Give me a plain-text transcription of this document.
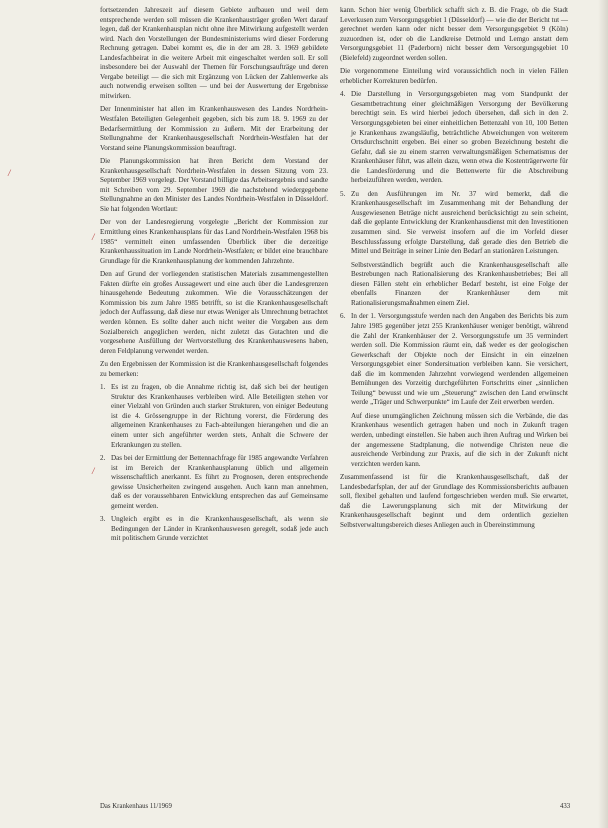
fortsetzenden Jahreszeit auf diesem Gebiete aufbauen und weil dem entsprechende werden soll müssen die Krankenhausträger großen Wert darauf legen, daß der Krankenhausplan nicht ohne ihre Mitwirkung aufgestellt werden wird. Nach den Vorstellungen der Bundesministeriums wird dieser Forderung Rechnung getragen. Dabei kommt es, die in der am 28. 3. 1969 gebildete Landesfachbeirat in die weitere Arbeit mit eingeschaltet werden soll. Er soll insbesondere bei der Auswahl der Themen für Forschungsaufträge und deren Vergabe beteiligt — die sich mit Ergänzung von Lücken der Zahlenwerke als auch notwendig erweisen sollten — und bei der Auswertung der Ergebnisse mitwirken.

Der Innenminister hat allen im Krankenhauswesen des Landes Nordrhein-Westfalen Beteiligten Gelegenheit gegeben, sich bis zum 18. 9. 1969 zu der Bedarfsermittlung der Kommission zu äußern. Mit der Erarbeitung der Stellungnahme der Krankenhausgesellschaft Nordrhein-Westfalen hat der Vorstand seine Planungskommission beauftragt.

Die Planungskommission hat ihren Bericht dem Vorstand der Krankenhausgesellschaft Nordrhein-Westfalen in dessen Sitzung vom 23. September 1969 vorgelegt. Der Vorstand billigte das Arbeitsergebnis und sandte mit Schreiben vom 29. September 1969 die nachstehend wiedergegebene Stellungnahme an den Minister des Landes Nordrhein-Westfalen in Düsseldorf. Sie hat folgenden Wortlaut:

Der von der Landesregierung vorgelegte „Bericht der Kommission zur Ermittlung eines Krankenhausplans für das Land Nordrhein-Westfalen 1968 bis 1985“ vermittelt einen umfassenden Überblick über die derzeitige Krankenhaussituation im Lande Nordrhein-Westfalen; er bildet eine brauchbare Grundlage für die Krankenhausplanung der kommenden Jahrzehnte.

Den auf Grund der vorliegenden statistischen Materials zusammengestellten Fakten dürfte ein großes Aussagewert und eine auch über die Landesgrenzen hinausgehende Bedeutung zukommen. Wie die Vorausschätzungen der Kommission bis zum Jahre 1985 betrifft, so ist die Krankenhausgesellschaft jedoch der Auffassung, daß diese nur etwas Weniger als Umrechnung betrachtet werden können. Es sollte daher auch nicht weiter die Vorgaben aus dem Sozialbereich angeglichen werden, nicht zuletzt das Gutachten und die vorgesehene Ausfüllung der Wertvorstellung des Krankenhauswesens haben, deren Feldplanung verwendet werden.

Zu den Ergebnissen der Kommission ist die Krankenhausgesellschaft folgendes zu bemerken:

1. Es ist zu fragen, ob die Annahme richtig ist, daß sich bei der heutigen Struktur des Krankenhauses verbleiben wird. Alle Beteiligten stehen vor einer Vielzahl von Gründen auch starker Strukturen, von einiger Bedeutung ist die 4. Grössengruppe in der Richtung vorerst, die Förderung des allgemeinen Krankenhauses zu Fach-abteilungen hierangehen und die an einem unter sich angeführter werden stets, Anhalt die Schwere der Erkrankungen zu stellen.

2. Das bei der Ermittlung der Bettennachfrage für 1985 angewandte Verfahren ist im Bereich der Krankenhausplanung üblich und allgemein wissenschaftlich anerkannt. Es führt zu Prognosen, deren entsprechende gewisse Unsicherheiten zwingend ausgehen. Auch kann man annehmen, daß es der voraussehbaren Entwicklung entsprechen das auf Gemeinsame gemeint werden.

3. Ungleich ergibt es in die Krankenhausgesellschaft, als wenn sie Bedingungen der Länder in Krankenhauswesen geregelt, sodaß jede auch mit politischem Grunde verzichtet

kann. Schon hier wenig Überblick schafft sich z. B. die Frage, ob die Stadt Leverkusen zum Versorgungsgebiet 1 (Düsseldorf) — wie die der Bericht tut — gerechnet werden kann oder nicht besser dem Versorgungsgebiet 9 (Köln) zuzuordnen ist, oder ob die Landkreise Detmold und Lemgo anstatt dem Versorgungsgebiet 11 (Paderborn) nicht besser dem Versorgungsgebiet 10 (Bielefeld) zugeordnet werden sollen.

Die vorgenommene Einteilung wird voraussichtlich noch in vielen Fällen erheblicher Korrekturen bedürfen.

4. Die Darstellung in Versorgungsgebieten mag vom Standpunkt der Gesamtbetrachtung einer gleichmäßigen Versorgung der Bevölkerung berechtigt sein. Es wird hierbei jedoch übersehen, daß sich in den 2. Versorgungsgebieten bei einer einheitlichen Bettenzahl von 10, 100 Betten je Krankenhaus zwangsläufig, beträchtliche Abweichungen von weiterem Ortsdurchschnitt ergeben. Bei einer so groben Bezeichnung besteht die Gefahr, daß sie zu einem starren verwaltungsmäßigen Schematismus der Krankenhäuser führt, was allein dazu, wenn etwa die Kostenträgerwerte für die Landesförderung und die Bettenwerte für die Abschreibung herbeizuführen werden, werden.

5. Zu den Ausführungen im Nr. 37 wird bemerkt, daß die Krankenhausgesellschaft im Zusammenhang mit der Behandlung der Ausgewiesenen Beträge nicht ausreichend berücksichtigt zu sein scheint, daß die geplante Entwicklung der Krankenhausdienst mit den Investitionen zusammen sind. Sie verweist insofern auf die im Vorfeld dieser Beschlussfassung erfolgte Darstellung, daß gerade dies den Betrieb die Mittel und Beiträge in seiner Linie den Bedarf an stationären Leistungen.

Selbstverständlich begrüßt auch die Krankenhausgesellschaft alle Bestrebungen nach Rationalisierung des Krankenhausbetriebes; Bei all diesen Fällen steht ein erheblicher Bedarf besteht, ist eine Folge der ebenfalls Finanzen der Krankenhäuser dem mit Rationalisierungsmaßnahmen einem Ziel.

6. In der 1. Versorgungsstufe werden nach den Angaben des Berichts bis zum Jahre 1985 gegenüber jetzt 255 Krankenhäuser weniger benötigt, während die Zahl der Krankenhäuser der 2. Versorgungsstufe um 35 vermindert werden soll. Die Kommission räumt ein, daß weder es der geologischen Gewerkschaft der Objekte noch der Einsicht in ein einzelnen Versorgungsgebiet einer Sondersituation verbleiben kann. Sie versichert, daß die im kommenden Jahrzehnt vorwiegend werdenden allgemeinen Bemühungen des Vorzeitig durchgeführten Fortschritts einer „sinnlichen Teilung“ bewusst und wie um „Steuerung“ zwischen den Land erwünscht werde „Träger und Schwerpunkte“ im Laufe der Zeit erwerben werden.

Auf diese unumgänglichen Zeichnung müssen sich die Verbände, die das Krankenhaus wesentlich getragen haben und noch in Zukunft tragen werden, unbedingt einstellen. Sie haben auch ihren Auftrag und Wirken bei der angemessene Stadtplanung, die notwendige Christen neue die ausreichende Verbindung zur Praxis, auf die sich in der Zukunft nicht verzichten werden kann.

Zusammenfassend ist für die Krankenhausgesellschaft, daß der Landesbedarfsplan, der auf der Grundlage des Kommissionsberichts aufbauen soll, flexibel gehalten und laufend fortgeschrieben werden muß. Sie erwartet, daß die Lawerungsplanung sich mit der Mitwirkung der Krankenhausgesellschaft beginnt und dem ordentlich gezielten Selbstverwaltungsbereich dieses Anliegen auch in Übereinstimmung

/
/
/
Das Krankenhaus 11/1969	433
